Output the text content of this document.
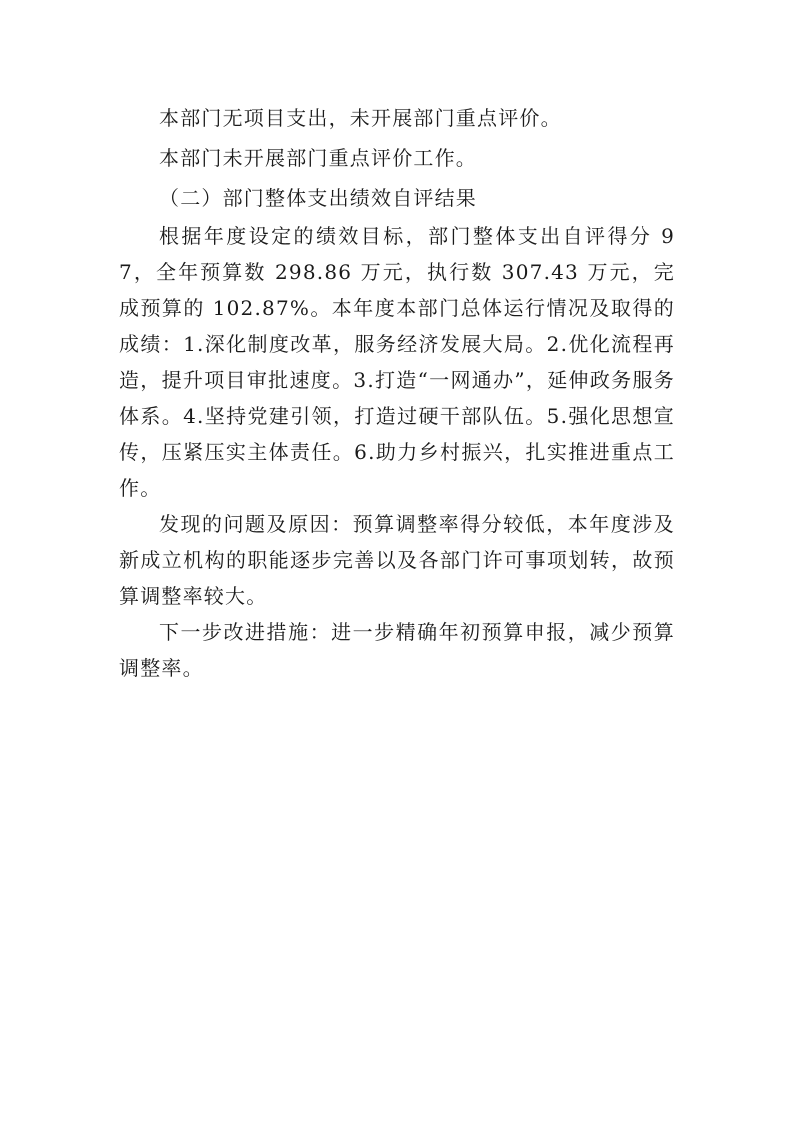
本部门无项目支出，未开展部门重点评价。

本部门未开展部门重点评价工作。

（二）部门整体支出绩效自评结果

根据年度设定的绩效目标，部门整体支出自评得分 97，全年预算数 298.86 万元，执行数 307.43 万元，完成预算的 102.87%。本年度本部门总体运行情况及取得的成绩：1.深化制度改革，服务经济发展大局。2.优化流程再造，提升项目审批速度。3.打造“一网通办”，延伸政务服务体系。4.坚持党建引领，打造过硬干部队伍。5.强化思想宣传，压紧压实主体责任。6.助力乡村振兴，扎实推进重点工作。

发现的问题及原因：预算调整率得分较低，本年度涉及新成立机构的职能逐步完善以及各部门许可事项划转，故预算调整率较大。

下一步改进措施：进一步精确年初预算申报，减少预算调整率。
